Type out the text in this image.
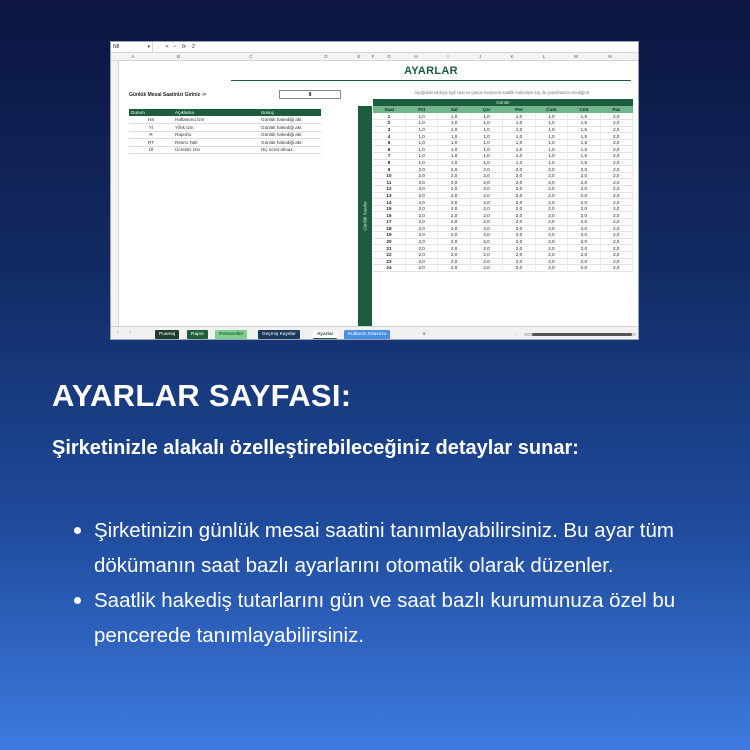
N8	▾	⁝	✕ ✓ fx	2
A	B	C	D	E	F	G	H	I	J	K	L	M	N
AYARLAR
Günlük Mesai Saatinizi Giriniz ->	8
Durum	Açıklama	Sonuç
HS	Haftasonu İzni	Günlük hakediği akr.
Yİ	Yıllık İzin	Günlük hakediği akr.
R	Raporlu	Günlük hakediği akr.
RT	Resmi Tatil	Günlük hakediği akr.
Üİ	Ücretsiz İzin	Hiç ücret almaz.
Aşağıdaki tabloya ilgili saat ve günün karşısına saatlik hakedişin kaç ile çarpılmasını istediğiniz
Günler
Günlük Saatler
Saat	Pzt	Sal	Çar	Per	Cum	Cmt	Paz
1	1,0	1,0	1,0	1,0	1,0	1,5	2,0
2	1,0	1,0	1,0	1,0	1,0	1,5	2,0
3	1,0	1,0	1,0	1,0	1,0	1,5	2,0
4	1,0	1,0	1,0	1,0	1,0	1,5	2,0
5	1,0	1,0	1,0	1,0	1,0	1,5	2,0
6	1,0	1,0	1,0	1,0	1,0	1,5	2,0
7	1,0	1,0	1,0	1,0	1,0	1,5	2,0
8	1,0	1,0	1,0	1,0	1,0	1,5	2,0
9	2,0	2,0	2,0	2,0	2,0	2,0	2,0
10	2,0	2,0	2,0	2,0	2,0	2,0	2,0
11	2,0	2,0	2,0	2,0	2,0	2,0	2,0
12	2,0	2,0	2,0	2,0	2,0	2,0	2,0
13	2,0	2,0	2,0	2,0	2,0	2,0	2,0
14	2,0	2,0	2,0	2,0	2,0	2,0	2,0
15	2,0	2,0	2,0	2,0	2,0	2,0	2,0
16	2,0	2,0	2,0	2,0	2,0	2,0	2,0
17	2,0	2,0	2,0	2,0	2,0	2,0	2,0
18	2,0	2,0	2,0	2,0	2,0	2,0	2,0
19	2,0	2,0	2,0	2,0	2,0	2,0	2,0
20	2,0	2,0	2,0	2,0	2,0	2,0	2,0
21	2,0	2,0	2,0	2,0	2,0	2,0	2,0
22	2,0	2,0	2,0	2,0	2,0	2,0	2,0
23	2,0	2,0	2,0	2,0	2,0	2,0	2,0
24	2,0	2,0	2,0	2,0	2,0	2,0	2,0
‹ ›	Puantaj	Rapor	Personeller	Geçmiş Kayıtlar	Ayarlar	Kullanım Kılavuzu	+	⁝
AYARLAR SAYFASI:
Şirketinizle alakalı özelleştirebileceğiniz detaylar sunar:
Şirketinizin günlük mesai saatini tanımlayabilirsiniz. Bu ayar tüm dökümanın saat bazlı ayarlarını otomatik olarak düzenler.
Saatlik hakediş tutarlarını gün ve saat bazlı kurumunuza özel bu pencerede tanımlayabilirsiniz.
